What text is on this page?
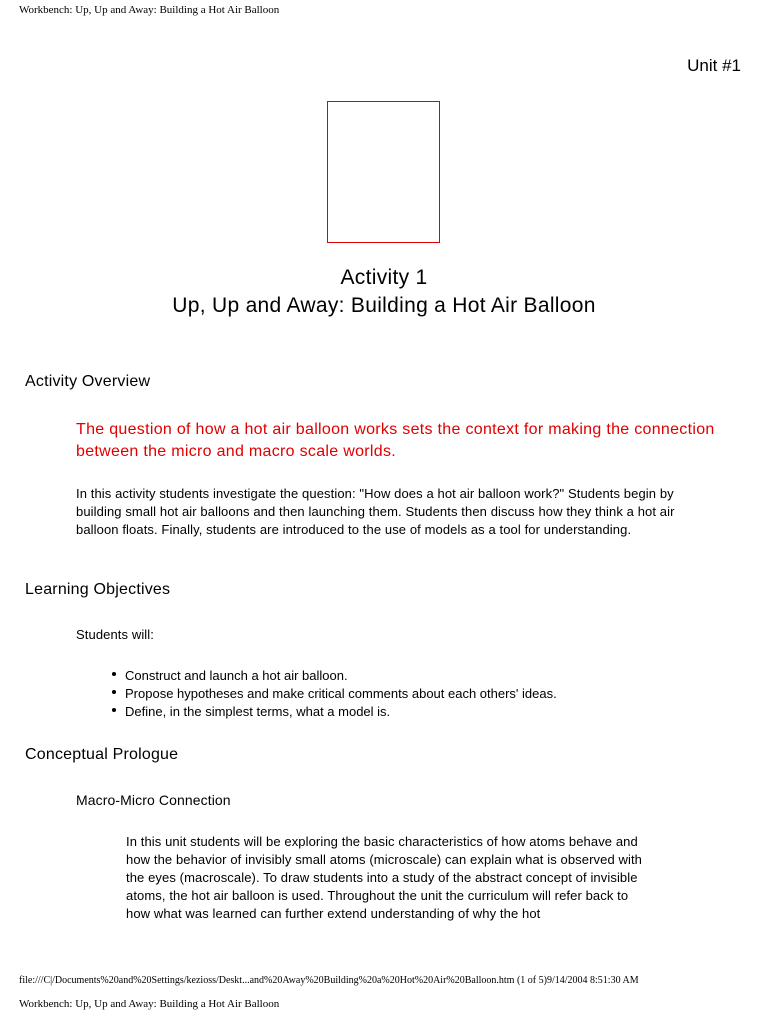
Workbench: Up, Up and Away: Building a Hot Air Balloon
Unit #1
Activity 1
Up, Up and Away: Building a Hot Air Balloon
Activity Overview
The question of how a hot air balloon works sets the context for making the connection between the micro and macro scale worlds.
In this activity students investigate the question: "How does a hot air balloon work?" Students begin by building small hot air balloons and then launching them. Students then discuss how they think a hot air balloon floats. Finally, students are introduced to the use of models as a tool for understanding.
Learning Objectives
Students will:
Construct and launch a hot air balloon.
Propose hypotheses and make critical comments about each others' ideas.
Define, in the simplest terms, what a model is.
Conceptual Prologue
Macro-Micro Connection
In this unit students will be exploring the basic characteristics of how atoms behave and how the behavior of invisibly small atoms (microscale) can explain what is observed with the eyes (macroscale). To draw students into a study of the abstract concept of invisible atoms, the hot air balloon is used. Throughout the unit the curriculum will refer back to how what was learned can further extend understanding of why the hot
file:///C|/Documents%20and%20Settings/kezioss/Deskt...and%20Away%20Building%20a%20Hot%20Air%20Balloon.htm (1 of 5)9/14/2004 8:51:30 AM
Workbench: Up, Up and Away: Building a Hot Air Balloon
